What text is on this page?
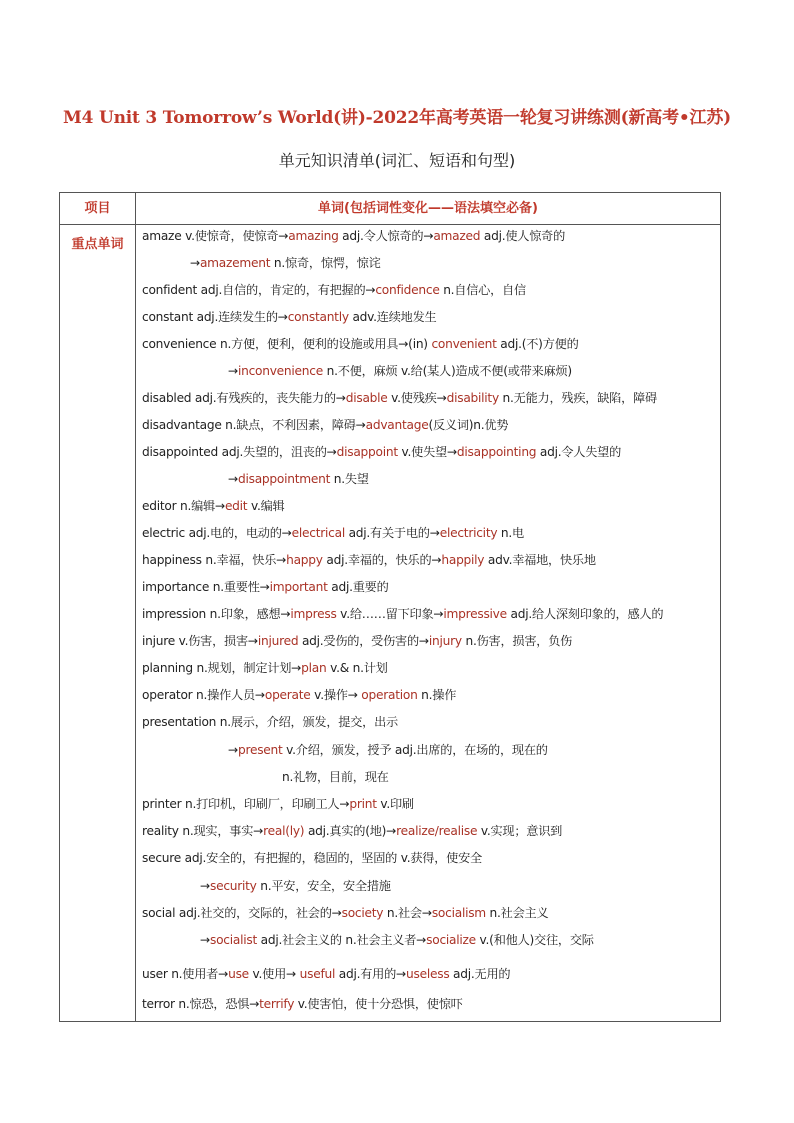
M4 Unit 3 Tomorrow’s World(讲)-2022年高考英语一轮复习讲练测(新高考•江苏)
单元知识清单(词汇、短语和句型)
项目	单词(包括词性变化——语法填空必备)
重点单词
amaze v.使惊奇，使惊奇→amazing adj.令人惊奇的→amazed adj.使人惊奇的
→amazement n.惊奇，惊愕，惊诧
confident adj.自信的，肯定的，有把握的→confidence n.自信心，自信
constant adj.连续发生的→constantly adv.连续地发生
convenience n.方便，便利，便利的设施或用具→(in) convenient adj.(不)方便的
→inconvenience n.不便，麻烦 v.给(某人)造成不便(或带来麻烦)
disabled adj.有残疾的，丧失能力的→disable v.使残疾→disability n.无能力，残疾，缺陷，障碍
disadvantage n.缺点，不利因素，障碍→advantage(反义词)n.优势
disappointed adj.失望的，沮丧的→disappoint v.使失望→disappointing adj.令人失望的
→disappointment n.失望
editor n.编辑→edit v.编辑
electric adj.电的，电动的→electrical adj.有关于电的→electricity n.电
happiness n.幸福，快乐→happy adj.幸福的，快乐的→happily adv.幸福地，快乐地
importance n.重要性→important adj.重要的
impression n.印象，感想→impress v.给……留下印象→impressive adj.给人深刻印象的，感人的
injure v.伤害，损害→injured adj.受伤的，受伤害的→injury n.伤害，损害，负伤
planning n.规划，制定计划→plan v.& n.计划
operator n.操作人员→operate v.操作→ operation n.操作
presentation n.展示，介绍，颁发，提交，出示
→present v.介绍，颁发，授予 adj.出席的，在场的，现在的
n.礼物，目前，现在
printer n.打印机，印刷厂，印刷工人→print v.印刷
reality n.现实，事实→real(ly) adj.真实的(地)→realize/realise v.实现；意识到
secure adj.安全的，有把握的，稳固的，坚固的 v.获得，使安全
→security n.平安，安全，安全措施
social adj.社交的，交际的，社会的→society n.社会→socialism n.社会主义
→socialist adj.社会主义的 n.社会主义者→socialize v.(和他人)交往，交际
user n.使用者→use v.使用→ useful adj.有用的→useless adj.无用的
terror n.惊恐，恐惧→terrify v.使害怕，使十分恐惧，使惊吓
